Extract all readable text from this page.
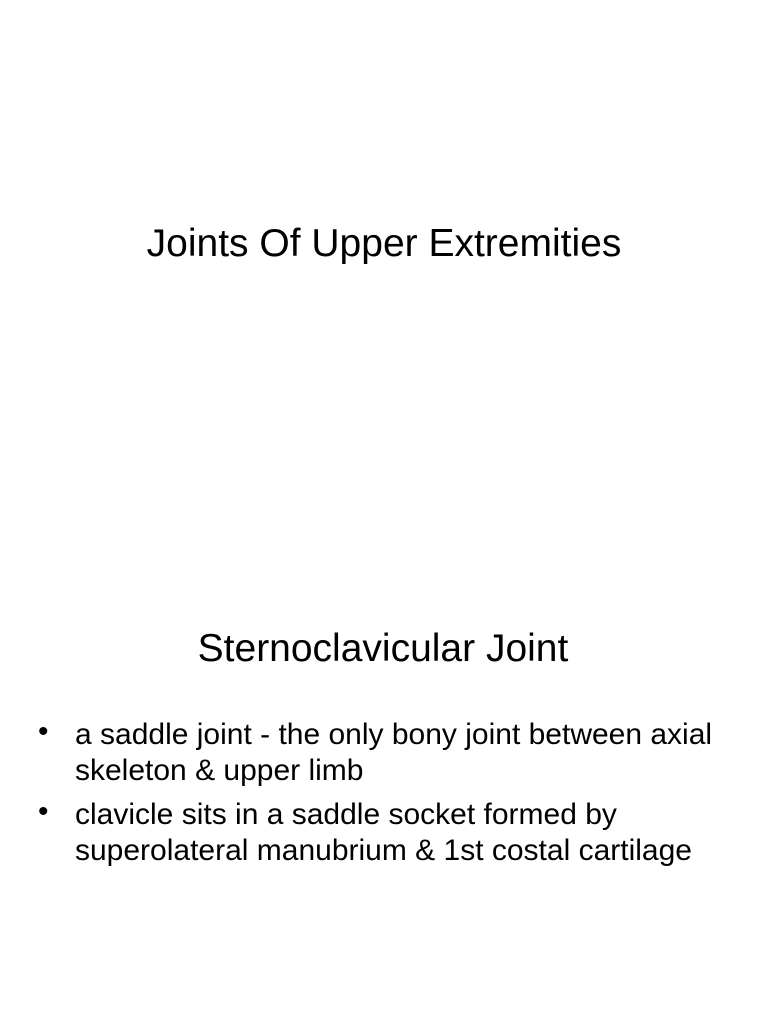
Joints Of Upper Extremities
Sternoclavicular Joint
• a saddle joint - the only bony joint between axial skeleton & upper limb
• clavicle sits in a saddle socket formed by superolateral manubrium & 1st costal cartilage
